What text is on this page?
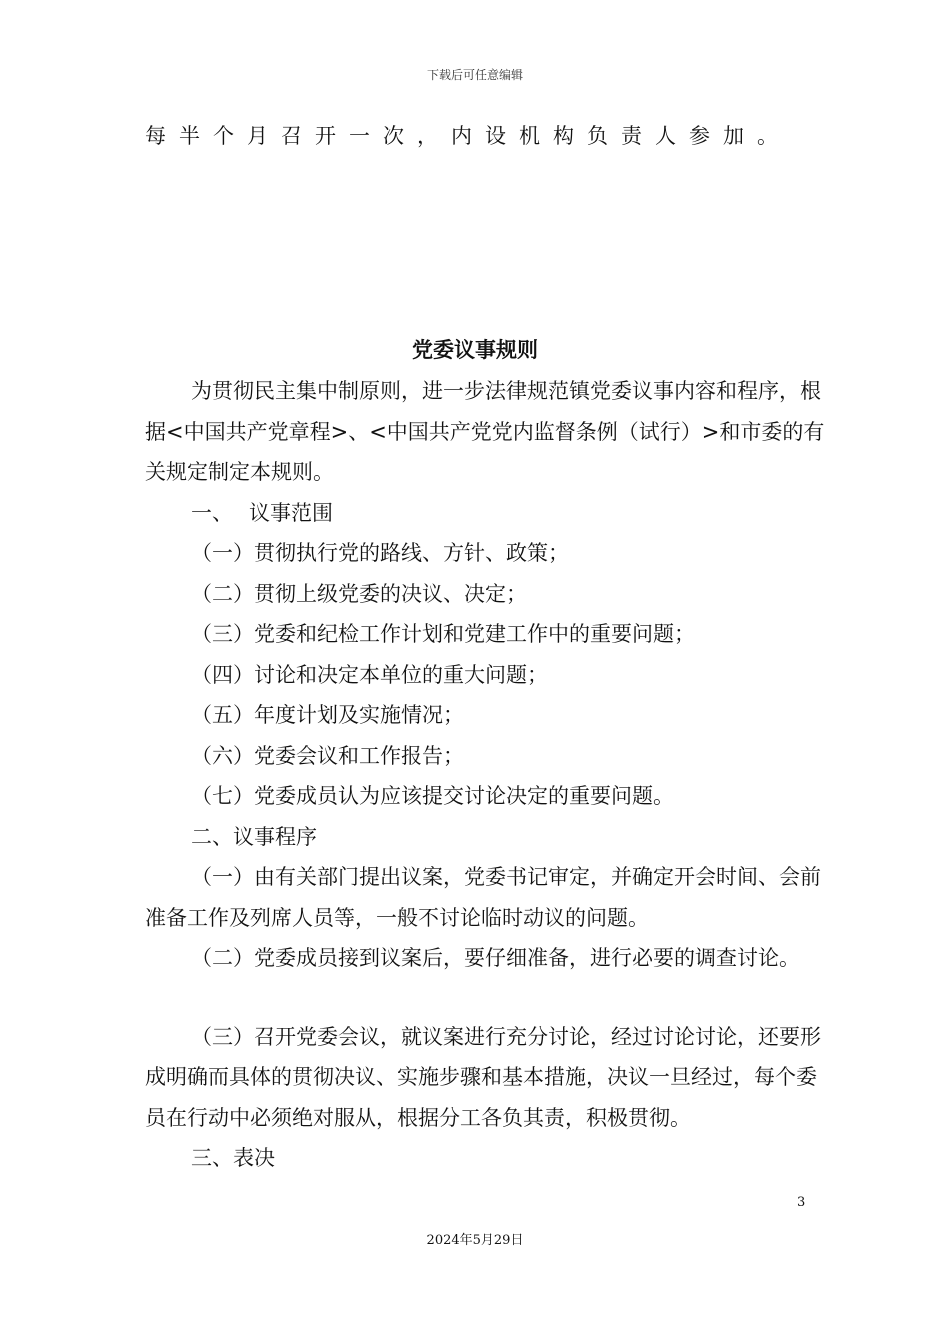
下载后可任意编辑
每半个月召开一次，内设机构负责人参加。
党委议事规则

为贯彻民主集中制原则，进一步法律规范镇党委议事内容和程序，根据<中国共产党章程>、<中国共产党党内监督条例（试行）>和市委的有关规定制定本规则。

一、 议事范围

（一）贯彻执行党的路线、方针、政策；

（二）贯彻上级党委的决议、决定；

（三）党委和纪检工作计划和党建工作中的重要问题；

（四）讨论和决定本单位的重大问题；

（五）年度计划及实施情况；

（六）党委会议和工作报告；

（七）党委成员认为应该提交讨论决定的重要问题。

二、议事程序

（一）由有关部门提出议案，党委书记审定，并确定开会时间、会前准备工作及列席人员等，一般不讨论临时动议的问题。

（二）党委成员接到议案后，要仔细准备，进行必要的调查讨论。

（三）召开党委会议，就议案进行充分讨论，经过讨论讨论，还要形成明确而具体的贯彻决议、实施步骤和基本措施，决议一旦经过，每个委员在行动中必须绝对服从，根据分工各负其责，积极贯彻。

三、表决

3
2024年5月29日
